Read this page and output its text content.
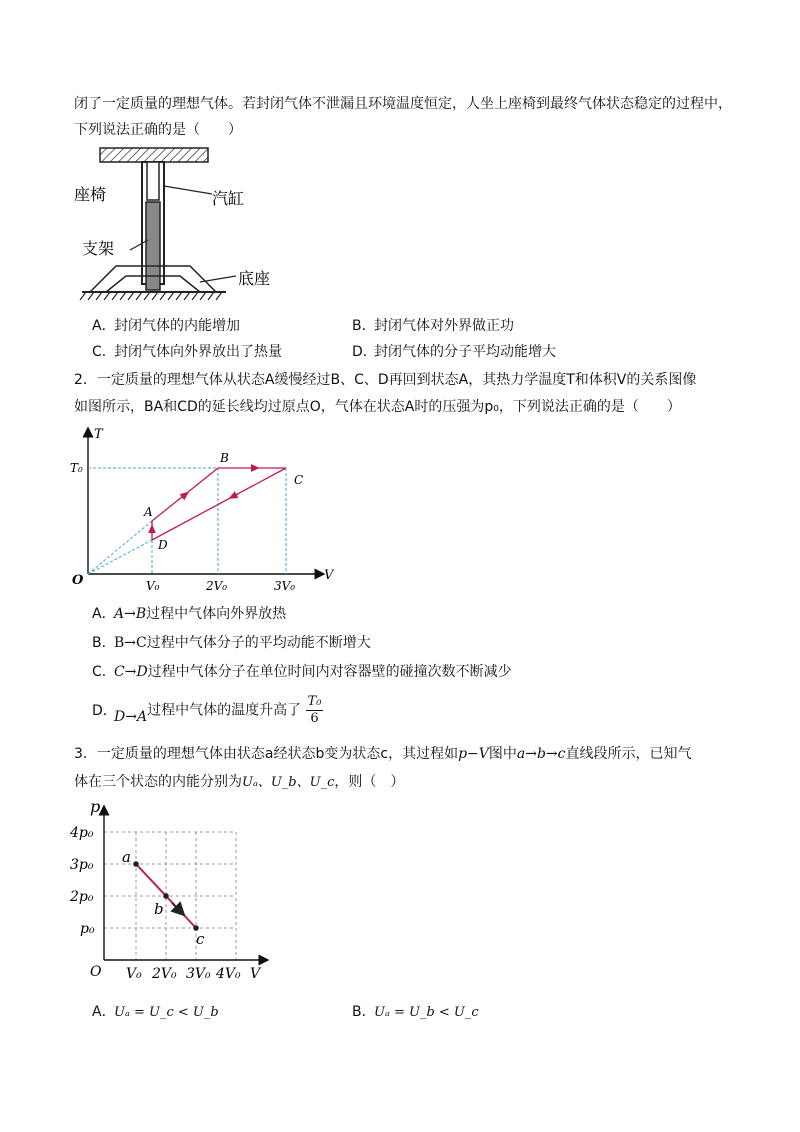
闭了一定质量的理想气体。若封闭气体不泄漏且环境温度恒定，人坐上座椅到最终气体状态稳定的过程中，
下列说法正确的是（　　）
座椅	汽缸
支架
底座
A．封闭气体的内能增加	B．封闭气体对外界做正功
C．封闭气体向外界放出了热量	D．封闭气体的分子平均动能增大
2．一定质量的理想气体从状态A缓慢经过B、C、D再回到状态A，其热力学温度T和体积V的关系图像
如图所示，BA和CD的延长线均过原点O，气体在状态A时的压强为p₀，下列说法正确的是（　　）
T
V
O
T₀
V₀	2V₀	3V₀
A
B
C
D
A．A→B过程中气体向外界放热
B．B→C过程中气体分子的平均动能不断增大
C．C→D过程中气体分子在单位时间内对容器壁的碰撞次数不断减少
D．D→A过程中气体的温度升高了 $\frac{\text{T₀}}{6}$
3．一定质量的理想气体由状态a经状态b变为状态c，其过程如p−V图中a→b→c直线段所示，已知气
体在三个状态的内能分别为Uₐ、U_b、U_c，则（　）
p
V
O
4p₀
3p₀
2p₀
p₀
V₀ 2V₀ 3V₀ 4V₀
a
b
c
A．Uₐ = U_c < U_b	B．Uₐ = U_b < U_c
